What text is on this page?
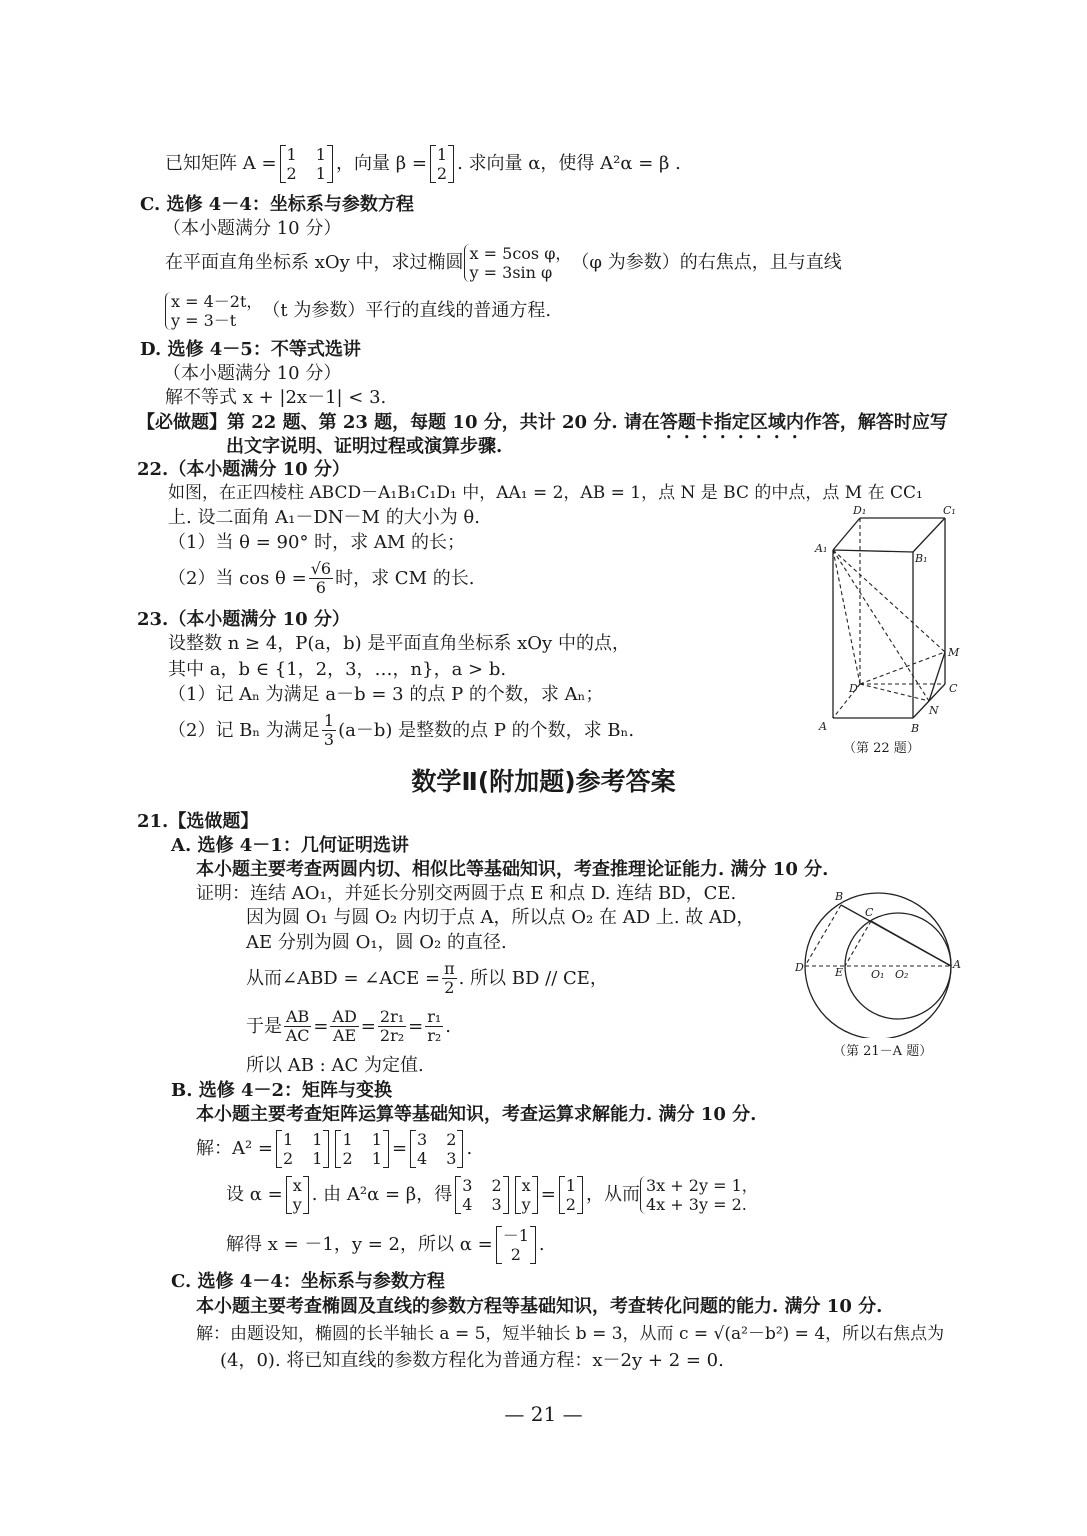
已知矩阵 A = 1 1
2 1 ，向量 β = 1
2 . 求向量 α，使得 A²α = β .
C. 选修 4－4：坐标系与参数方程
（本小题满分 10 分）
在平面直角坐标系 xOy 中，求过椭圆 x = 5cos φ，
y = 3sin φ	（φ 为参数）的右焦点，且与直线
x = 4－2t，
y = 3－t	（t 为参数）平行的直线的普通方程.
D. 选修 4－5：不等式选讲
（本小题满分 10 分）
解不等式 x + |2x－1| < 3.
【必做题】第 22 题、第 23 题，每题 10 分，共计 20 分. 请在答题卡指定区域内作答，解答时应写
出文字说明、证明过程或演算步骤.
22.（本小题满分 10 分）
如图，在正四棱柱 ABCD－A₁B₁C₁D₁ 中，AA₁ = 2，AB = 1，点 N 是 BC 的中点，点 M 在 CC₁
上. 设二面角 A₁－DN－M 的大小为 θ.
（1）当 θ = 90° 时，求 AM 的长；
（2）当 $\cos \theta = \frac{√6}{6}$ 时，求 CM 的长.
23.（本小题满分 10 分）
设整数 n ≥ 4，P(a，b) 是平面直角坐标系 xOy 中的点，
其中 a，b ∈ {1，2，3，…，n}，a > b.
（1）记 Aₙ 为满足 a－b = 3 的点 P 的个数，求 Aₙ；
（2）记 Bₙ 为满足 $\frac{1}{3} (a-b)$ 是整数的点 P 的个数，求 Bₙ.
D₁	C₁
A₁
B₁
M
D	C
N
A	B
（第 22 题）
数学Ⅱ(附加题)参考答案
21.【选做题】
A. 选修 4－1：几何证明选讲
本小题主要考查两圆内切、相似比等基础知识，考查推理论证能力. 满分 10 分.
证明：连结 AO₁，并延长分别交两圆于点 E 和点 D. 连结 BD，CE.
因为圆 O₁ 与圆 O₂ 内切于点 A，所以点 O₂ 在 AD 上. 故 AD，
AE 分别为圆 O₁，圆 O₂ 的直径.
从而∠ABD = ∠ACE = $\frac{\pi}{2}$ . 所以 BD // CE，
于是 $\frac{AB}{AC} = \frac{AD}{AE} = \frac{\text{2r₁}}{\text{2r₂}} = \frac{\text{r₁}}{\text{r₂}}$ .
所以 AB : AC 为定值.
B
C
D	E	O₁ O₂
A
（第 21－A 题）
B. 选修 4－2：矩阵与变换
本小题主要考查矩阵运算等基础知识，考查运算求解能力. 满分 10 分.
解：A² = 1 1
2 1
1 1
2 1 = 3 2
4 3 .
设 α = x
y . 由 A²α = β，得 3 2
4 3
x
y = 1
2 ，从而 3x + 2y = 1，
4x + 3y = 2.
解得 x = －1，y = 2，所以 α = －1
2	.
C. 选修 4－4：坐标系与参数方程
本小题主要考查椭圆及直线的参数方程等基础知识，考查转化问题的能力. 满分 10 分.
解：由题设知，椭圆的长半轴长 a = 5，短半轴长 b = 3，从而 c = √(a²－b²) = 4，所以右焦点为
(4，0). 将已知直线的参数方程化为普通方程：x－2y + 2 = 0.
— 21 —
